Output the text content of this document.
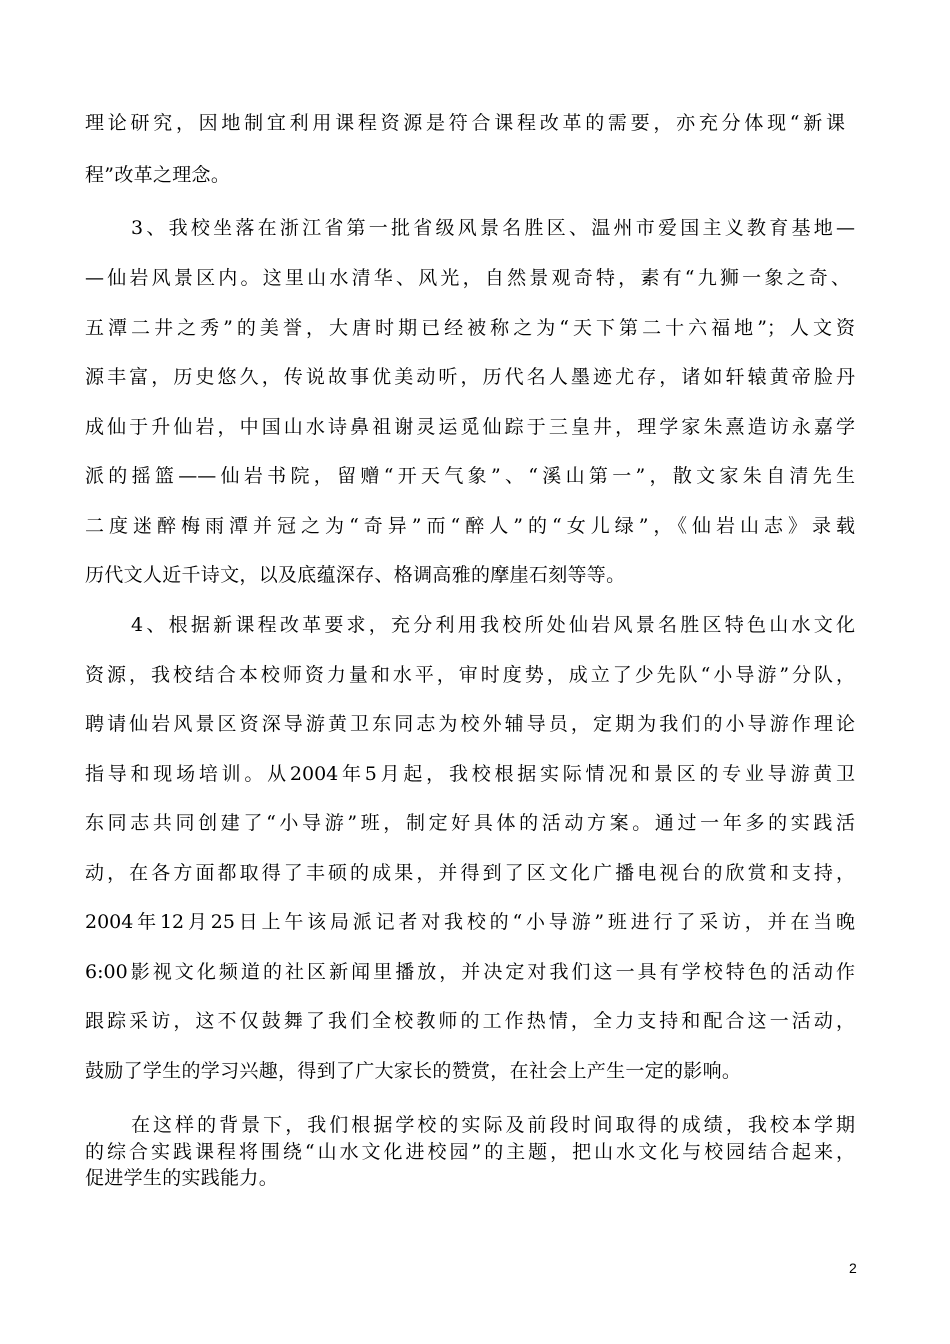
理论研究，因地制宜利用课程资源是符合课程改革的需要，亦充分体现“新课
程”改革之理念。
3、我校坐落在浙江省第一批省级风景名胜区、温州市爱国主义教育基地—
—仙岩风景区内。这里山水清华、风光，自然景观奇特，素有“九狮一象之奇、
五潭二井之秀”的美誉，大唐时期已经被称之为“天下第二十六福地”；人文资
源丰富，历史悠久，传说故事优美动听，历代名人墨迹尤存，诸如轩辕黄帝脸丹
成仙于升仙岩，中国山水诗鼻祖谢灵运觅仙踪于三皇井，理学家朱熹造访永嘉学
派的摇篮——仙岩书院，留赠“开天气象”、“溪山第一”，散文家朱自清先生
二度迷醉梅雨潭并冠之为“奇异”而“醉人”的“女儿绿”，《仙岩山志》录载
历代文人近千诗文，以及底蕴深存、格调高雅的摩崖石刻等等。
4、根据新课程改革要求，充分利用我校所处仙岩风景名胜区特色山水文化
资源，我校结合本校师资力量和水平，审时度势，成立了少先队“小导游”分队，
聘请仙岩风景区资深导游黄卫东同志为校外辅导员，定期为我们的小导游作理论
指导和现场培训。从2004年5月起，我校根据实际情况和景区的专业导游黄卫
东同志共同创建了“小导游”班，制定好具体的活动方案。通过一年多的实践活
动，在各方面都取得了丰硕的成果，并得到了区文化广播电视台的欣赏和支持，
2004年12月25日上午该局派记者对我校的“小导游”班进行了采访，并在当晚
6:00影视文化频道的社区新闻里播放，并决定对我们这一具有学校特色的活动作
跟踪采访，这不仅鼓舞了我们全校教师的工作热情，全力支持和配合这一活动，
鼓励了学生的学习兴趣，得到了广大家长的赞赏，在社会上产生一定的影响。
在这样的背景下，我们根据学校的实际及前段时间取得的成绩，我校本学期
的综合实践课程将围绕“山水文化进校园”的主题，把山水文化与校园结合起来，
促进学生的实践能力。
2
